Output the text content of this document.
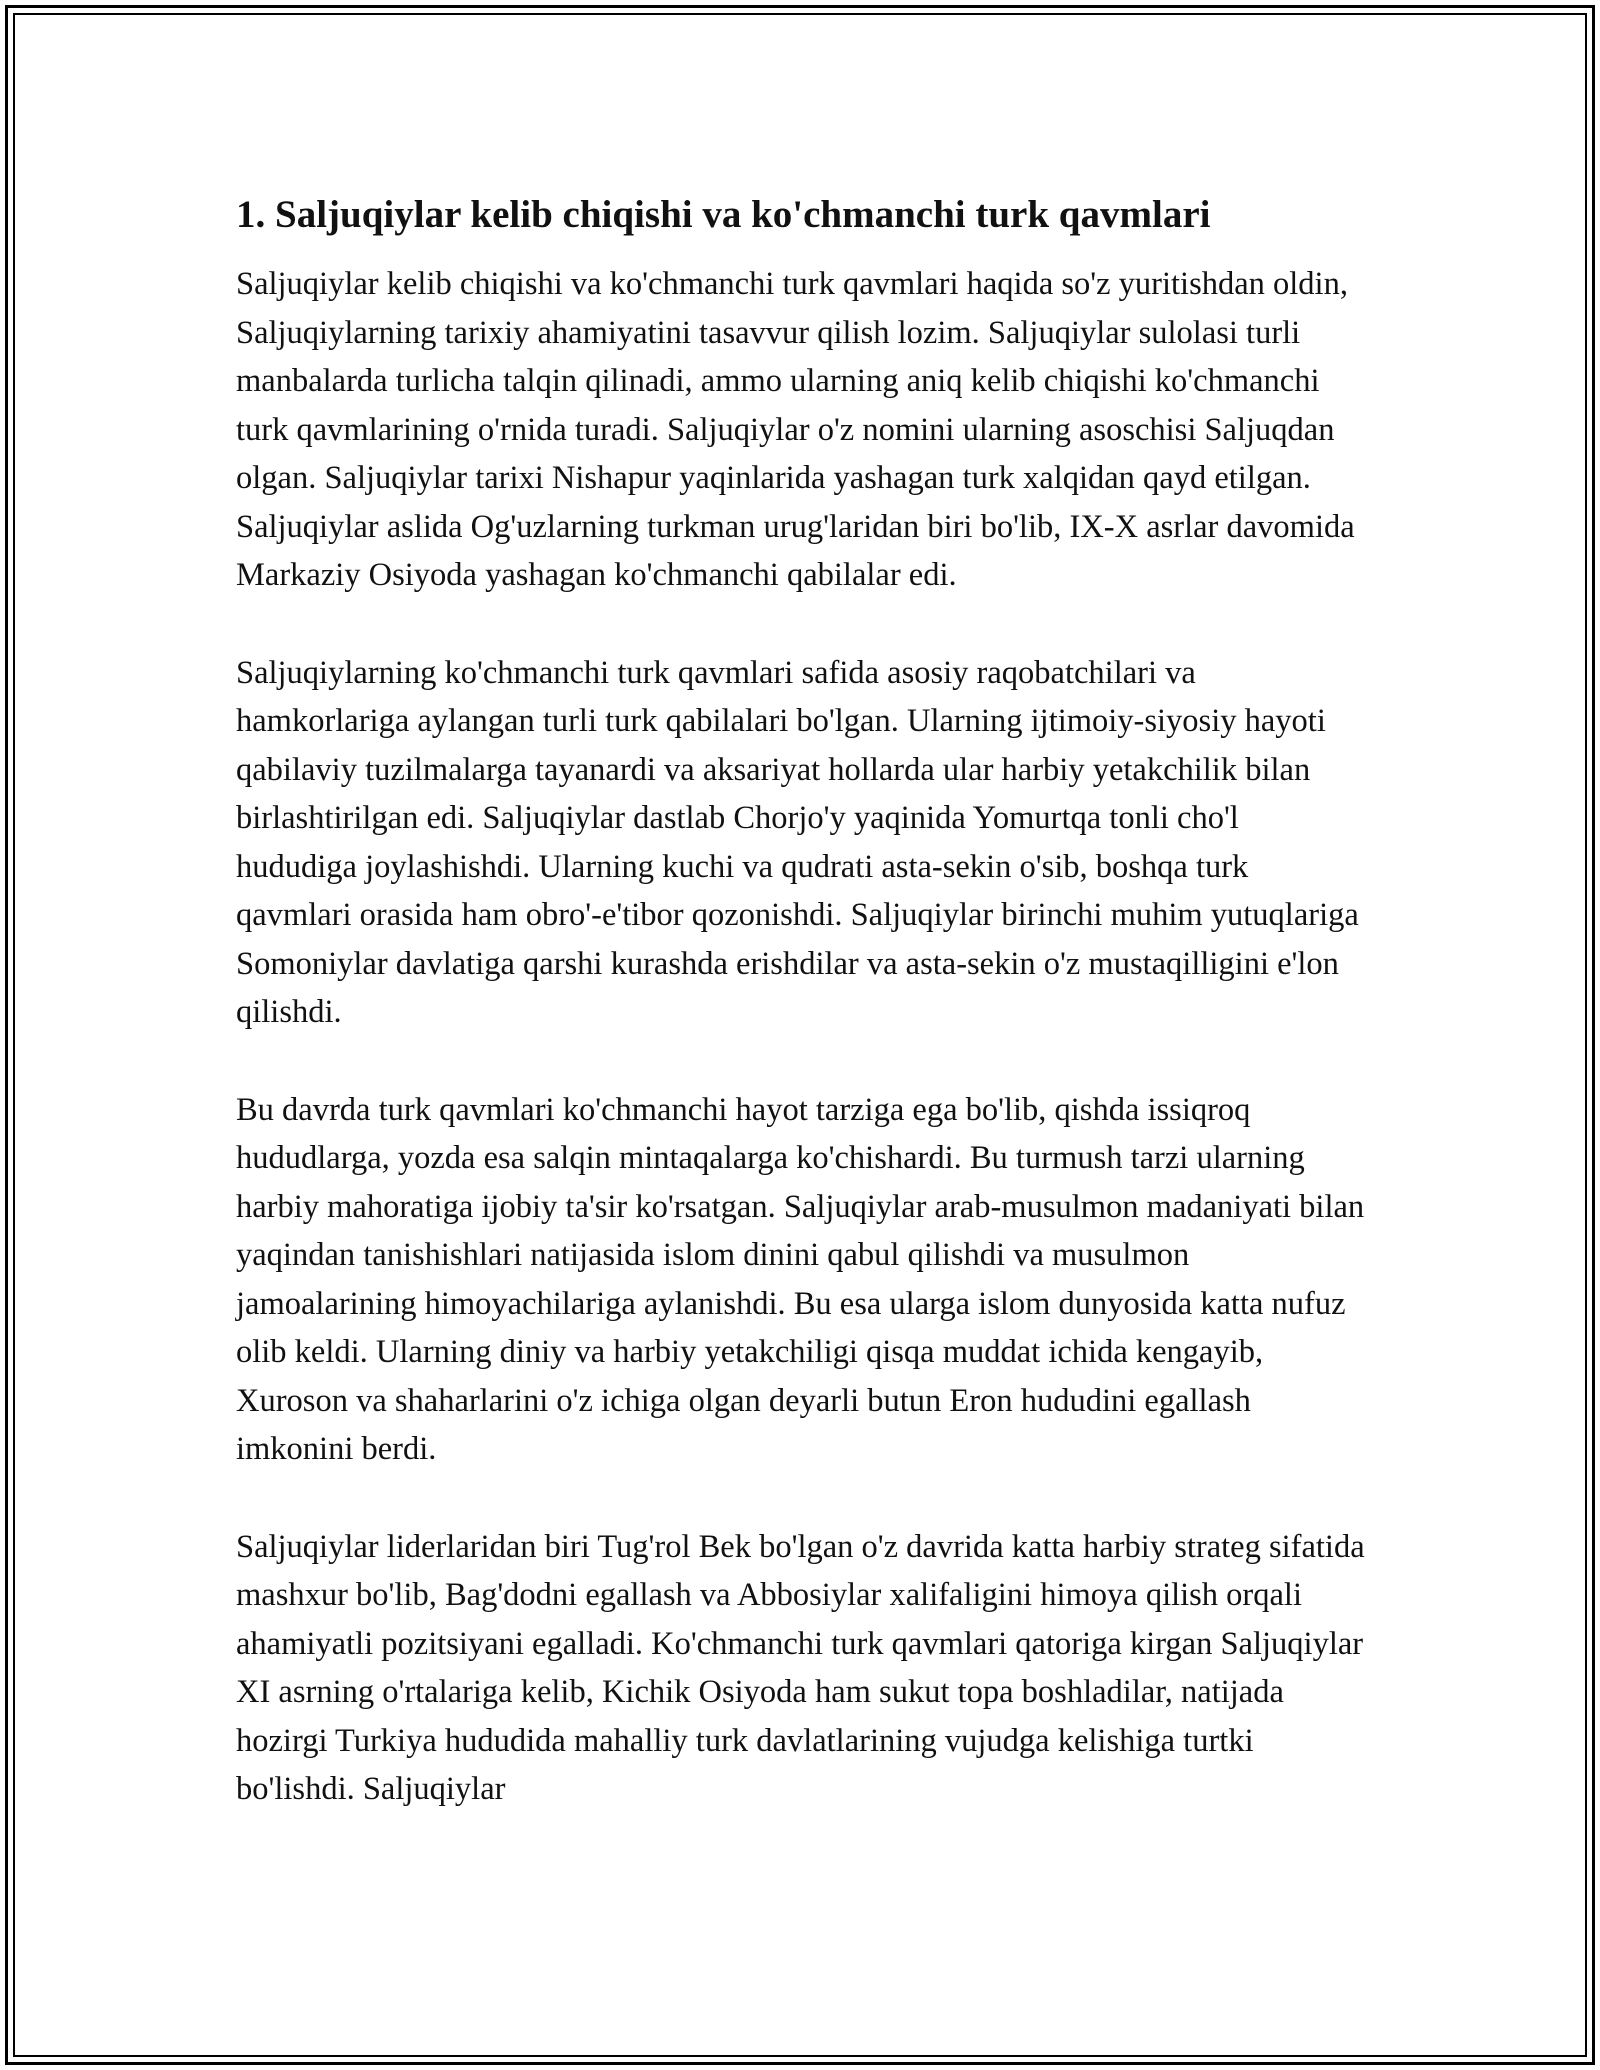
1. Saljuqiylar kelib chiqishi va ko'chmanchi turk qavmlari

Saljuqiylar kelib chiqishi va ko'chmanchi turk qavmlari haqida so'z yuritishdan oldin, Saljuqiylarning tarixiy ahamiyatini tasavvur qilish lozim. Saljuqiylar sulolasi turli manbalarda turlicha talqin qilinadi, ammo ularning aniq kelib chiqishi ko'chmanchi turk qavmlarining o'rnida turadi. Saljuqiylar o'z nomini ularning asoschisi Saljuqdan olgan. Saljuqiylar tarixi Nishapur yaqinlarida yashagan turk xalqidan qayd etilgan. Saljuqiylar aslida Og'uzlarning turkman urug'laridan biri bo'lib, IX-X asrlar davomida Markaziy Osiyoda yashagan ko'chmanchi qabilalar edi.

Saljuqiylarning ko'chmanchi turk qavmlari safida asosiy raqobatchilari va hamkorlariga aylangan turli turk qabilalari bo'lgan. Ularning ijtimoiy-siyosiy hayoti qabilaviy tuzilmalarga tayanardi va aksariyat hollarda ular harbiy yetakchilik bilan birlashtirilgan edi. Saljuqiylar dastlab Chorjo'y yaqinida Yomurtqa tonli cho'l hududiga joylashishdi. Ularning kuchi va qudrati asta-sekin o'sib, boshqa turk qavmlari orasida ham obro'-e'tibor qozonishdi. Saljuqiylar birinchi muhim yutuqlariga Somoniylar davlatiga qarshi kurashda erishdilar va asta-sekin o'z mustaqilligini e'lon qilishdi.

Bu davrda turk qavmlari ko'chmanchi hayot tarziga ega bo'lib, qishda issiqroq hududlarga, yozda esa salqin mintaqalarga ko'chishardi. Bu turmush tarzi ularning harbiy mahoratiga ijobiy ta'sir ko'rsatgan. Saljuqiylar arab-musulmon madaniyati bilan yaqindan tanishishlari natijasida islom dinini qabul qilishdi va musulmon jamoalarining himoyachilariga aylanishdi. Bu esa ularga islom dunyosida katta nufuz olib keldi. Ularning diniy va harbiy yetakchiligi qisqa muddat ichida kengayib, Xuroson va shaharlarini o'z ichiga olgan deyarli butun Eron hududini egallash imkonini berdi.

Saljuqiylar liderlaridan biri Tug'rol Bek bo'lgan o'z davrida katta harbiy strateg sifatida mashxur bo'lib, Bag'dodni egallash va Abbosiylar xalifaligini himoya qilish orqali ahamiyatli pozitsiyani egalladi. Ko'chmanchi turk qavmlari qatoriga kirgan Saljuqiylar XI asrning o'rtalariga kelib, Kichik Osiyoda ham sukut topa boshladilar, natijada hozirgi Turkiya hududida mahalliy turk davlatlarining vujudga kelishiga turtki bo'lishdi. Saljuqiylar
